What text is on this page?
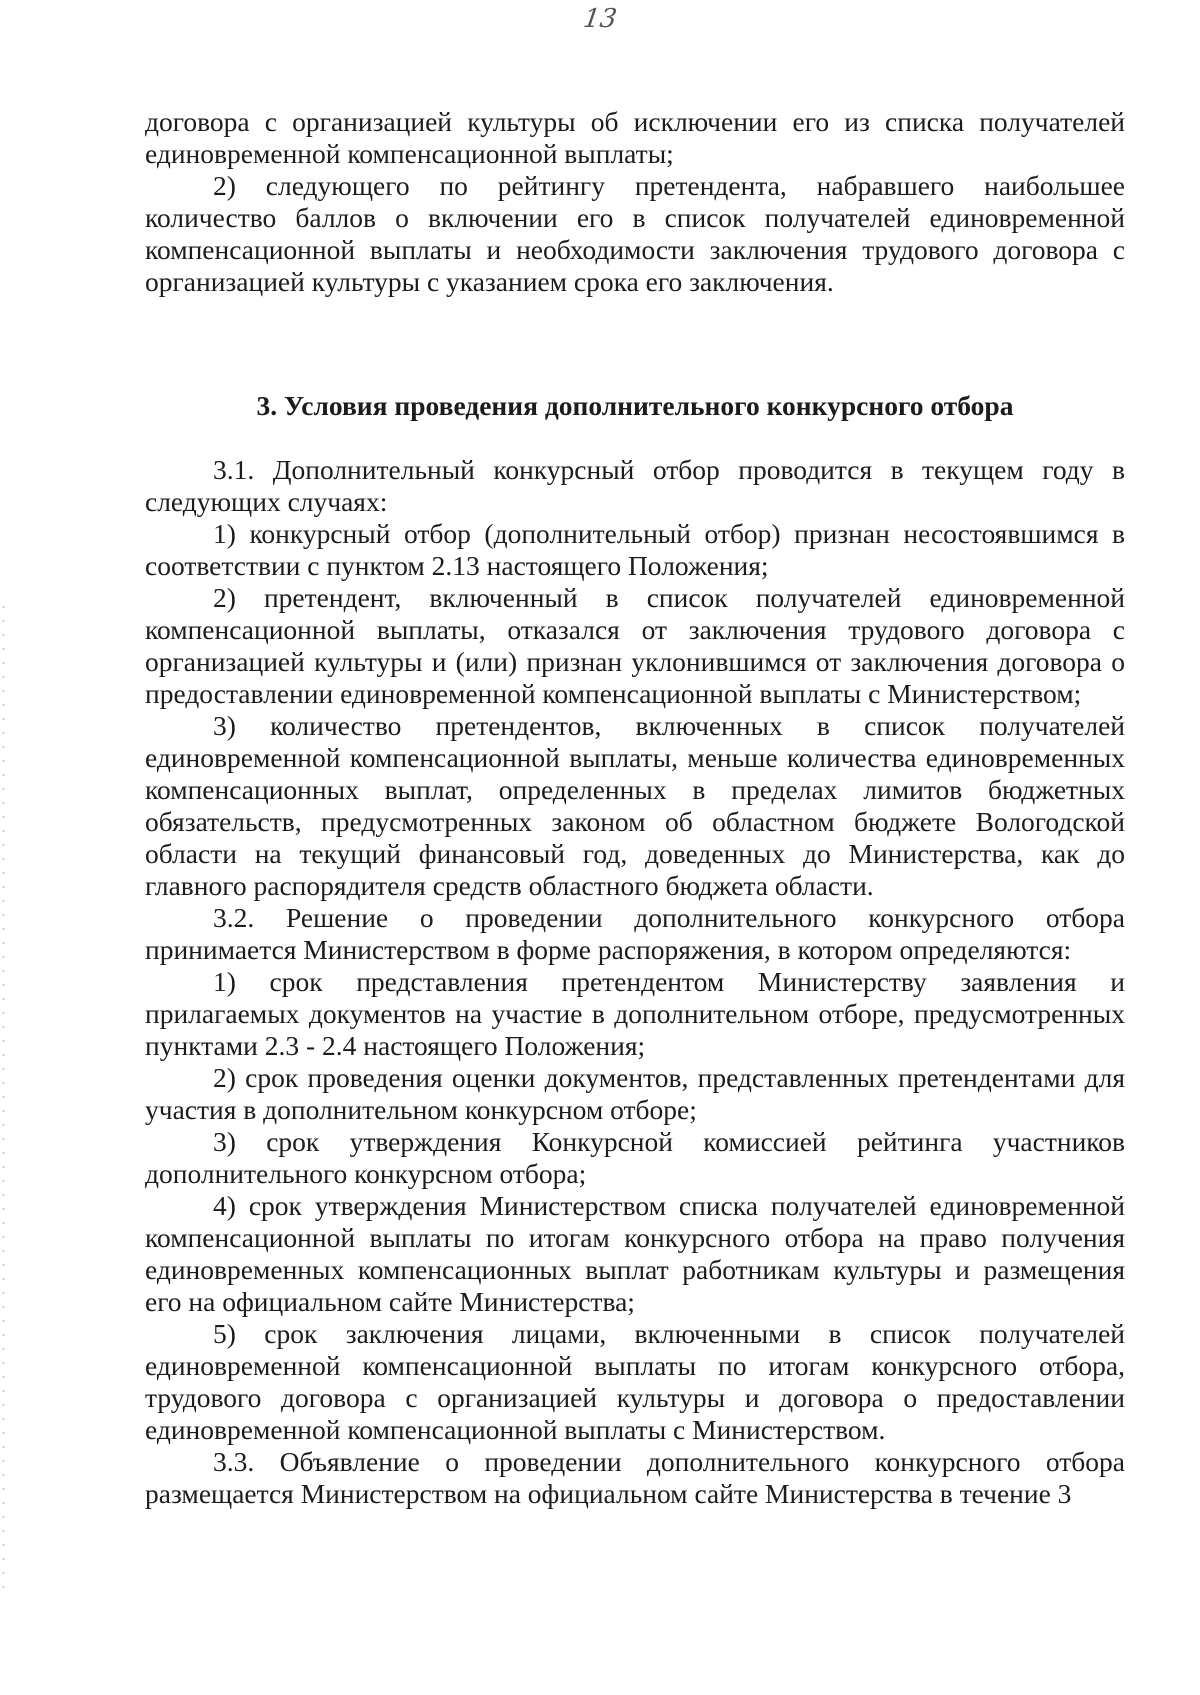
13

договора с организацией культуры об исключении его из списка получателей единовременной компенсационной выплаты;

2) следующего по рейтингу претендента, набравшего наибольшее количество баллов о включении его в список получателей единовременной компенсационной выплаты и необходимости заключения трудового договора с организацией культуры с указанием срока его заключения.

3. Условия проведения дополнительного конкурсного отбора

3.1. Дополнительный конкурсный отбор проводится в текущем году в следующих случаях:

1) конкурсный отбор (дополнительный отбор) признан несостоявшимся в соответствии с пунктом 2.13 настоящего Положения;

2) претендент, включенный в список получателей единовременной компенсационной выплаты, отказался от заключения трудового договора с организацией культуры и (или) признан уклонившимся от заключения договора о предоставлении единовременной компенсационной выплаты с Министерством;

3) количество претендентов, включенных в список получателей единовременной компенсационной выплаты, меньше количества единовременных компенсационных выплат, определенных в пределах лимитов бюджетных обязательств, предусмотренных законом об областном бюджете Вологодской области на текущий финансовый год, доведенных до Министерства, как до главного распорядителя средств областного бюджета области.

3.2. Решение о проведении дополнительного конкурсного отбора принимается Министерством в форме распоряжения, в котором определяются:

1) срок представления претендентом Министерству заявления и прилагаемых документов на участие в дополнительном отборе, предусмотренных пунктами 2.3 - 2.4 настоящего Положения;

2) срок проведения оценки документов, представленных претендентами для участия в дополнительном конкурсном отборе;

3) срок утверждения Конкурсной комиссией рейтинга участников дополнительного конкурсном отбора;

4) срок утверждения Министерством списка получателей единовременной компенсационной выплаты по итогам конкурсного отбора на право получения единовременных компенсационных выплат работникам культуры и размещения его на официальном сайте Министерства;

5) срок заключения лицами, включенными в список получателей единовременной компенсационной выплаты по итогам конкурсного отбора, трудового договора с организацией культуры и договора о предоставлении единовременной компенсационной выплаты с Министерством.

3.3. Объявление о проведении дополнительного конкурсного отбора размещается Министерством на официальном сайте Министерства в течение 3
